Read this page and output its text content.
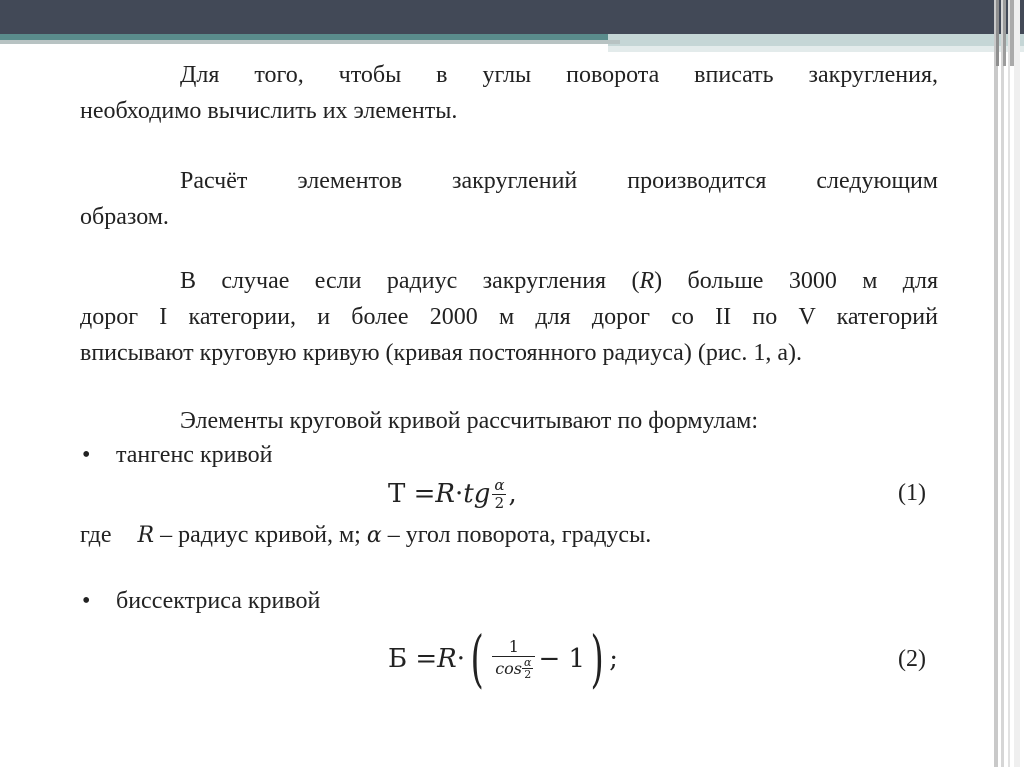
Для того, чтобы в углы поворота вписать закругления,
необходимо вычислить их элементы.
Расчёт элементов закруглений производится следующим
образом.
В случае если радиус закругления (R) больше 3000 м для
дорог I категории, и более 2000 м для дорог со II по V категорий
вписывают круговую кривую (кривая постоянного радиуса) (рис. 1, а).
Элементы круговой кривой рассчитывают по формулам:
• тангенс кривой
Т = R · tg $\frac{\alpha}{2}$ ,	(1)
где R – радиус кривой, м; α – угол поворота, градусы.
• биссектриса кривой
Б = R · ( 1
cos α
2 − 1 ) ;	(2)
